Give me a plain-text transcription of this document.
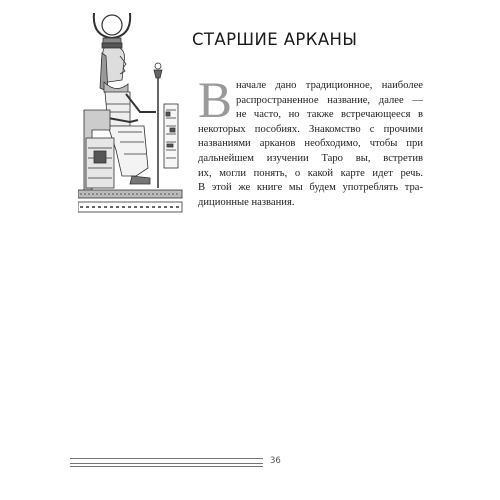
СТАРШИЕ АРКАНЫ
В начале дано традиционное, наиболее
распространенное название, далее —
не часто, но также встречающееся в
некоторых пособиях. Знакомство с прочими
названиями арканов необходимо, чтобы при
дальнейшем изучении Таро вы, встретив
их, могли понять, о какой карте идет речь.
В этой же книге мы будем употреблять тра-
диционные названия.
36
